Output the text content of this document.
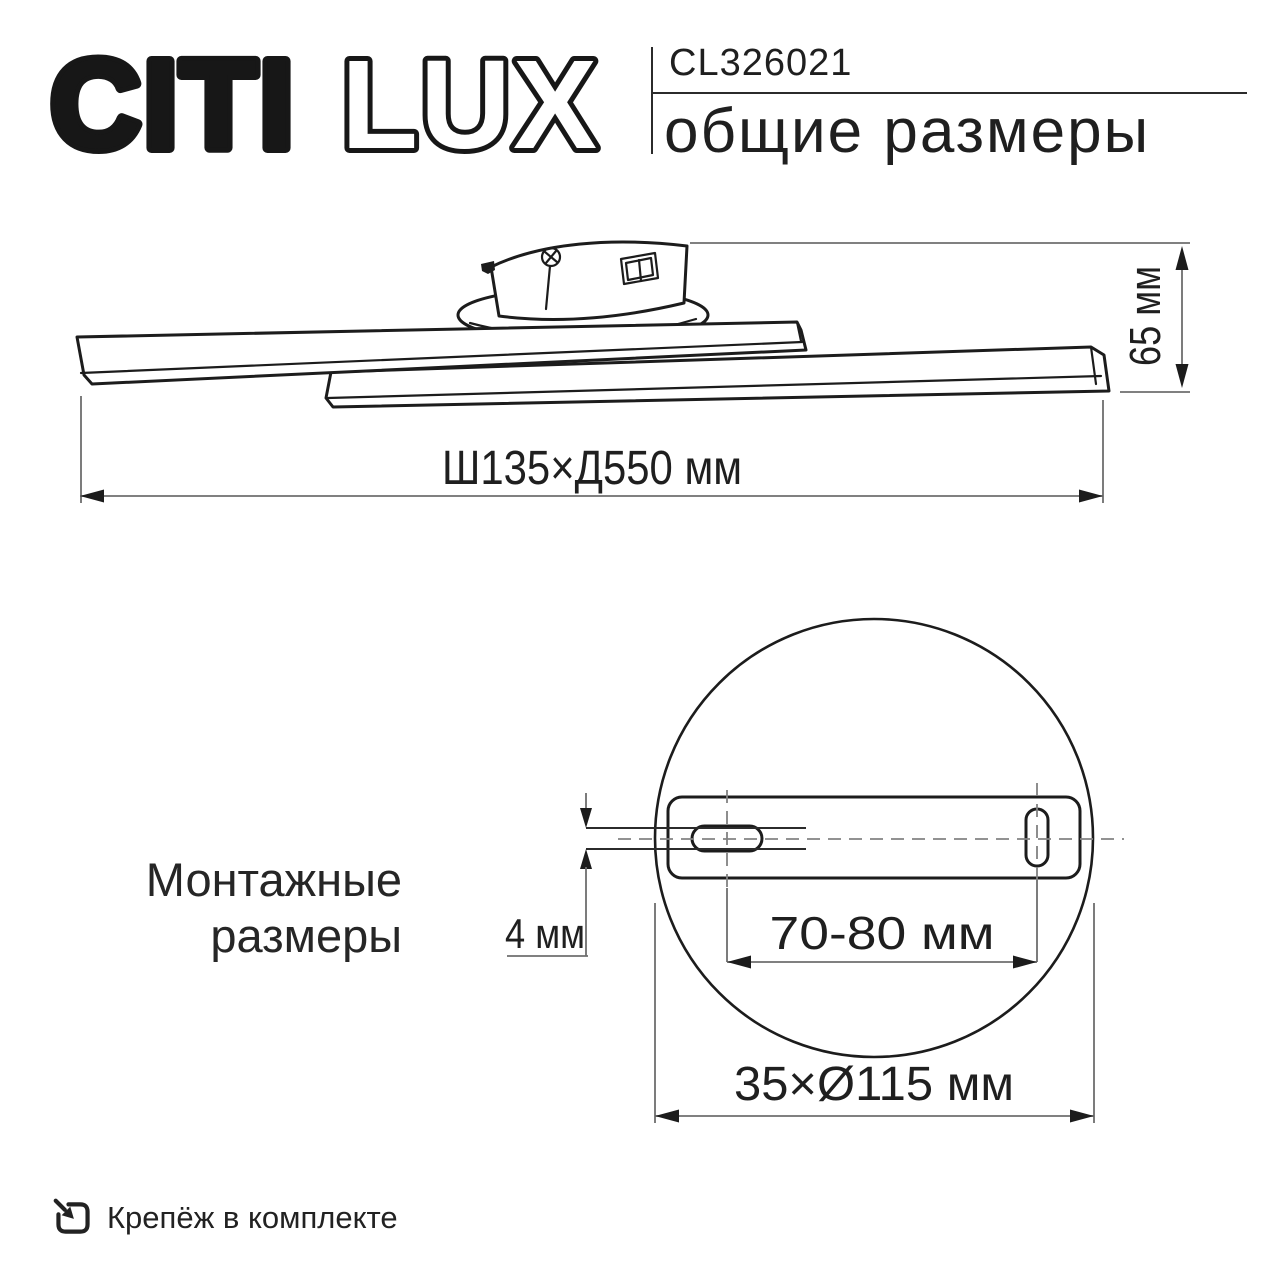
CITI LUX CL326021
общие размеры
Монтажные
размеры
65 мм
Ш135×Д550 мм
4 мм	70-80 мм
35×Ø115 мм
Крепёж в комплекте
